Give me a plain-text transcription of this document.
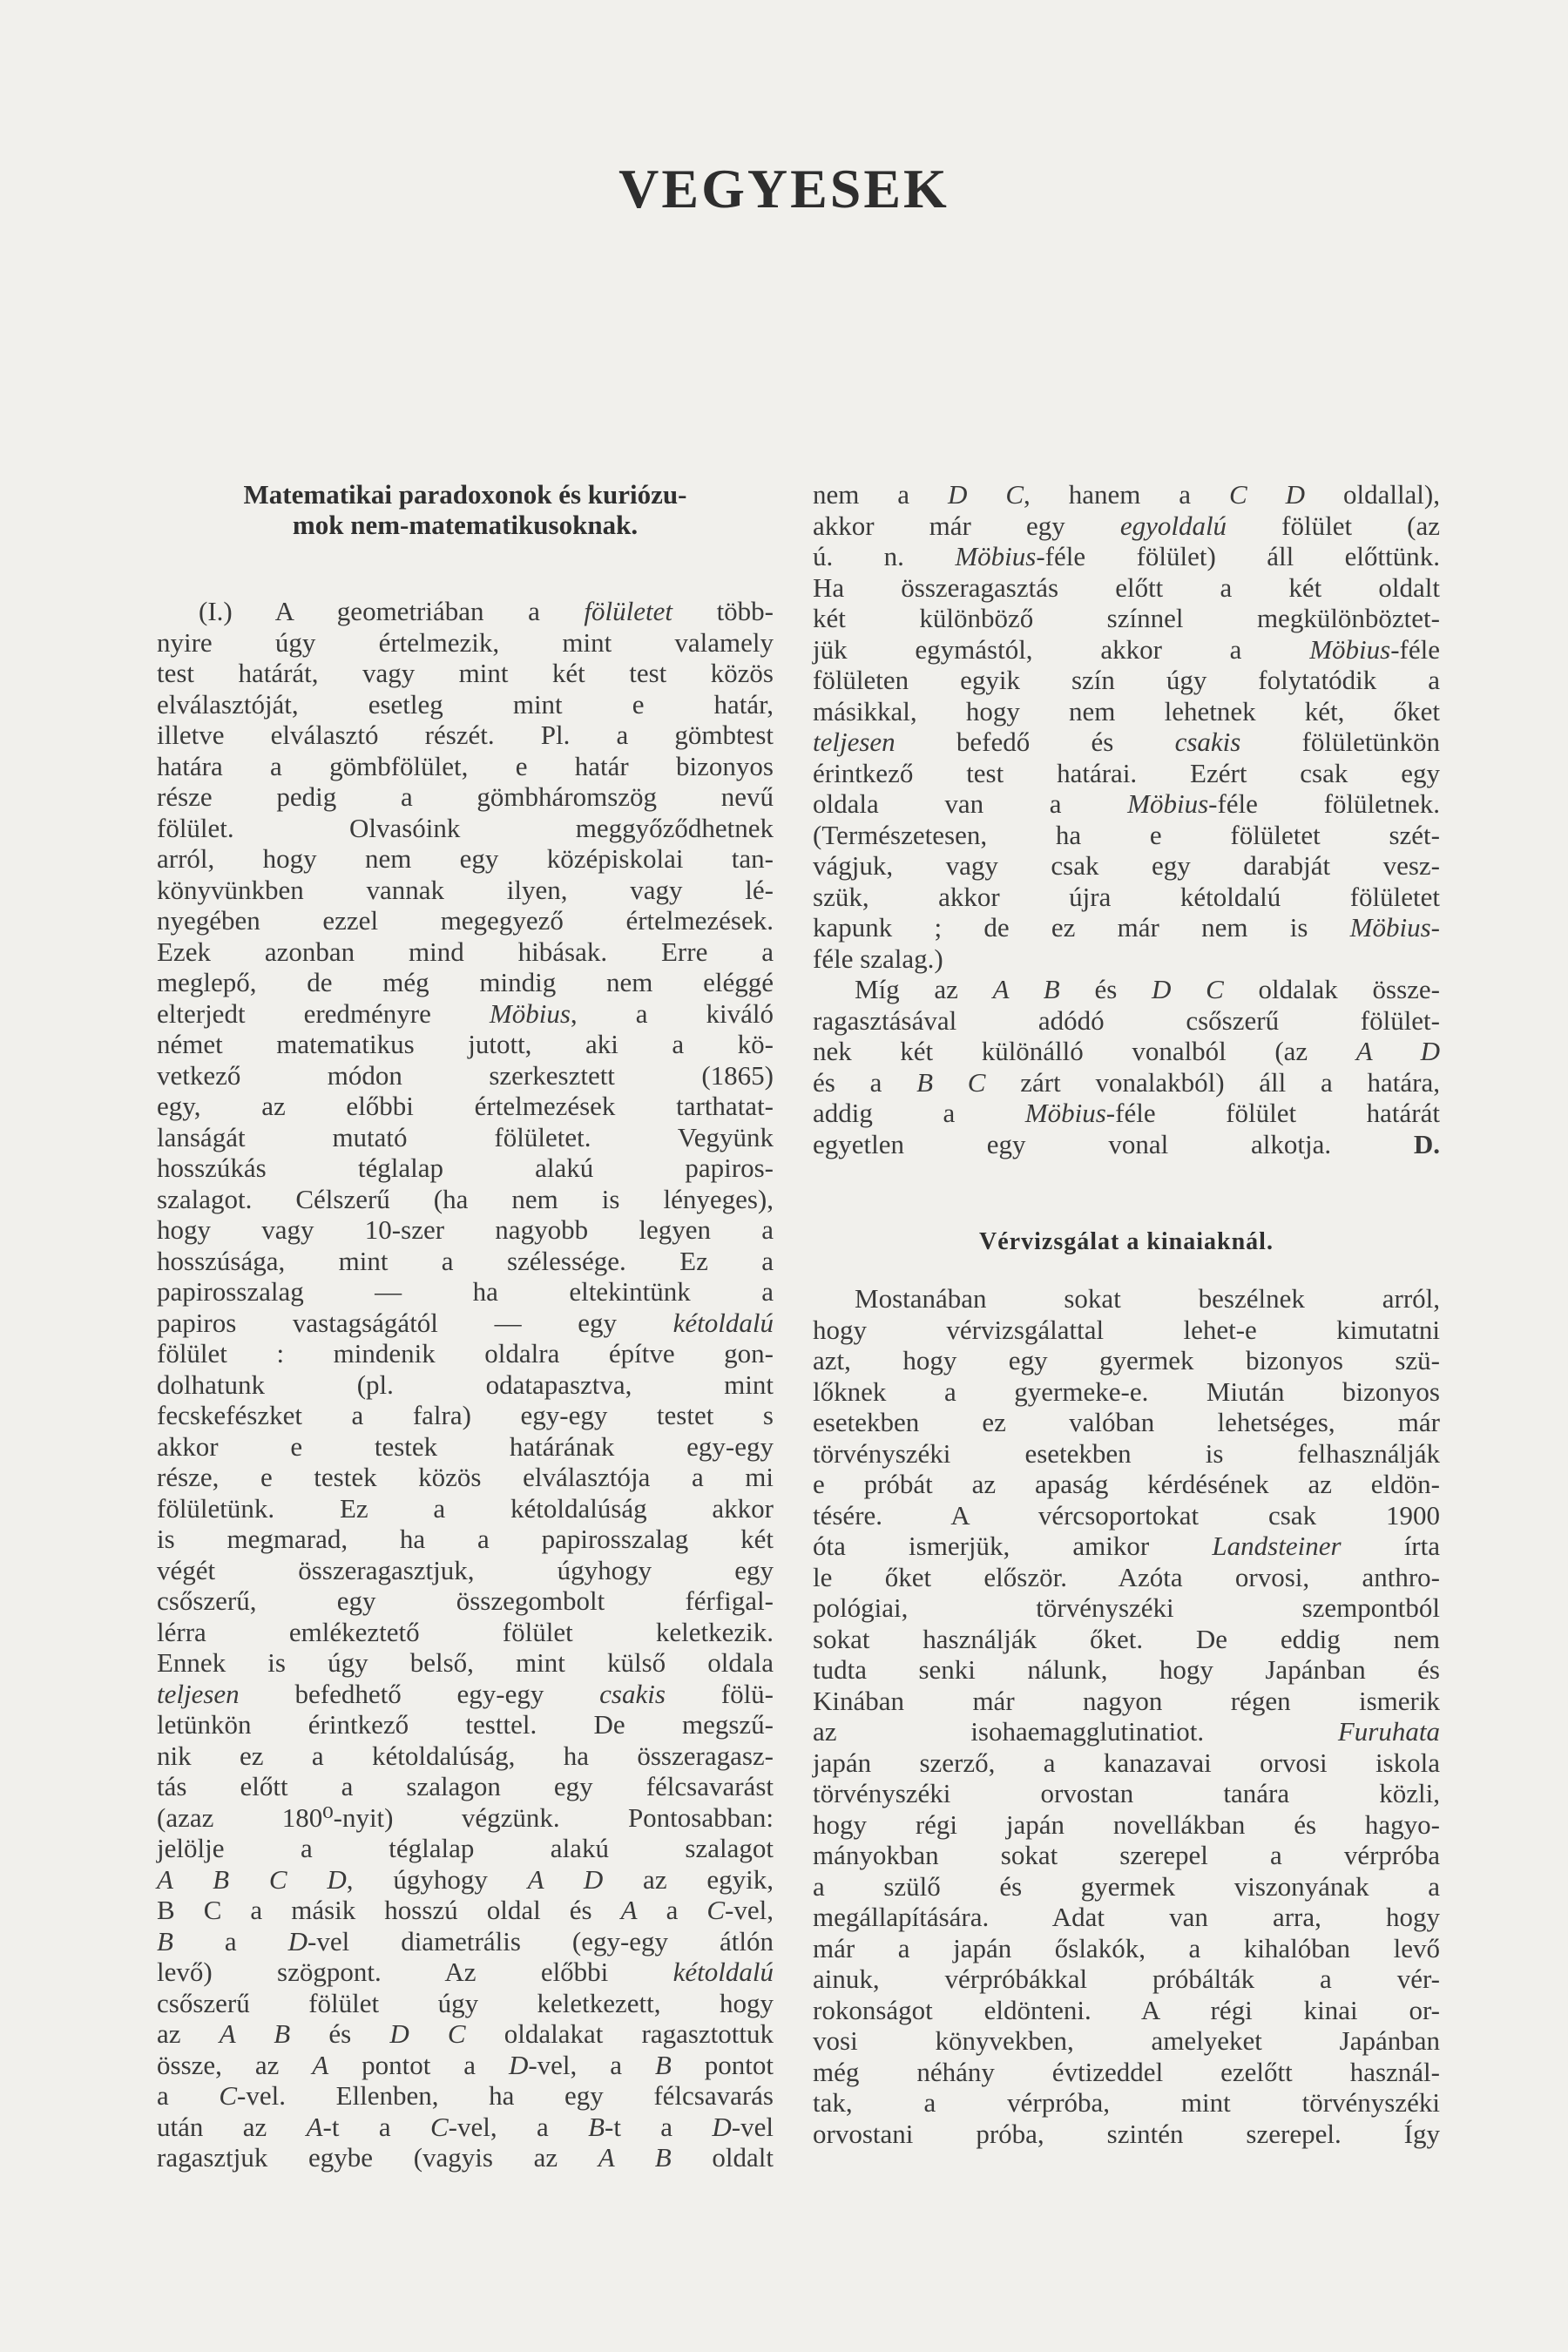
VEGYESEK
Matematikai paradoxonok és kuriózu-
mok nem-matematikusoknak.
(I.) A geometriában a fölületet több-
nyire úgy értelmezik, mint valamely
test határát, vagy mint két test közös
elválasztóját, esetleg mint e határ,
illetve elválasztó részét. Pl. a gömbtest
határa a gömbfölület, e határ bizonyos
része pedig a gömbháromszög nevű
fölület. Olvasóink meggyőződhetnek
arról, hogy nem egy középiskolai tan-
könyvünkben vannak ilyen, vagy lé-
nyegében ezzel megegyező értelmezések.
Ezek azonban mind hibásak. Erre a
meglepő, de még mindig nem eléggé
elterjedt eredményre Möbius, a kiváló
német matematikus jutott, aki a kö-
vetkező módon szerkesztett (1865)
egy, az előbbi értelmezések tarthatat-
lanságát mutató fölületet. Vegyünk
hosszúkás téglalap alakú papiros-
szalagot. Célszerű (ha nem is lényeges),
hogy vagy 10-szer nagyobb legyen a
hosszúsága, mint a szélessége. Ez a
papirosszalag — ha eltekintünk a
papiros vastagságától — egy kétoldalú
fölület : mindenik oldalra építve gon-
dolhatunk (pl. odatapasztva, mint
fecskefészket a falra) egy-egy testet s
akkor e testek határának egy-egy
része, e testek közös elválasztója a mi
fölületünk. Ez a kétoldalúság akkor
is megmarad, ha a papirosszalag két
végét összeragasztjuk, úgyhogy egy
csőszerű, egy összegombolt férfigal-
lérra emlékeztető fölület keletkezik.
Ennek is úgy belső, mint külső oldala
teljesen befedhető egy-egy csakis fölü-
letünkön érintkező testtel. De megszű-
nik ez a kétoldalúság, ha összeragasz-
tás előtt a szalagon egy félcsavarást
(azaz 180⁰-nyit) végzünk. Pontosabban:
jelölje a téglalap alakú szalagot
A B C D, úgyhogy A D az egyik,
B C a másik hosszú oldal és A a C-vel,
B a D-vel diametrális (egy-egy átlón
levő) szögpont. Az előbbi kétoldalú
csőszerű fölület úgy keletkezett, hogy
az A B és D C oldalakat ragasztottuk
össze, az A pontot a D-vel, a B pontot
a C-vel. Ellenben, ha egy félcsavarás
után az A-t a C-vel, a B-t a D-vel
ragasztjuk egybe (vagyis az A B oldalt
nem a D C, hanem a C D oldallal),
akkor már egy egyoldalú fölület (az
ú. n. Möbius-féle fölület) áll előttünk.
Ha összeragasztás előtt a két oldalt
két különböző színnel megkülönböztet-
jük egymástól, akkor a Möbius-féle
fölületen egyik szín úgy folytatódik a
másikkal, hogy nem lehetnek két, őket
teljesen befedő és csakis fölületünkön
érintkező test határai. Ezért csak egy
oldala van a Möbius-féle fölületnek.
(Természetesen, ha e fölületet szét-
vágjuk, vagy csak egy darabját vesz-
szük, akkor újra kétoldalú fölületet
kapunk ; de ez már nem is Möbius-
féle szalag.)
Míg az A B és D C oldalak össze-
ragasztásával adódó csőszerű fölület-
nek két különálló vonalból (az A D
és a B C zárt vonalakból) áll a határa,
addig a Möbius-féle fölület határát
egyetlen egy vonal alkotja. D.
Vérvizsgálat a kinaiaknál.
Mostanában sokat beszélnek arról,
hogy vérvizsgálattal lehet-e kimutatni
azt, hogy egy gyermek bizonyos szü-
lőknek a gyermeke-e. Miután bizonyos
esetekben ez valóban lehetséges, már
törvényszéki esetekben is felhasználják
e próbát az apaság kérdésének az eldön-
tésére. A vércsoportokat csak 1900
óta ismerjük, amikor Landsteiner írta
le őket először. Azóta orvosi, anthro-
pológiai, törvényszéki szempontból
sokat használják őket. De eddig nem
tudta senki nálunk, hogy Japánban és
Kinában már nagyon régen ismerik
az isohaemagglutinatiot. Furuhata
japán szerző, a kanazavai orvosi iskola
törvényszéki orvostan tanára közli,
hogy régi japán novellákban és hagyo-
mányokban sokat szerepel a vérpróba
a szülő és gyermek viszonyának a
megállapítására. Adat van arra, hogy
már a japán őslakók, a kihalóban levő
ainuk, vérpróbákkal próbálták a vér-
rokonságot eldönteni. A régi kinai or-
vosi könyvekben, amelyeket Japánban
még néhány évtizeddel ezelőtt használ-
tak, a vérpróba, mint törvényszéki
orvostani próba, szintén szerepel. Így
